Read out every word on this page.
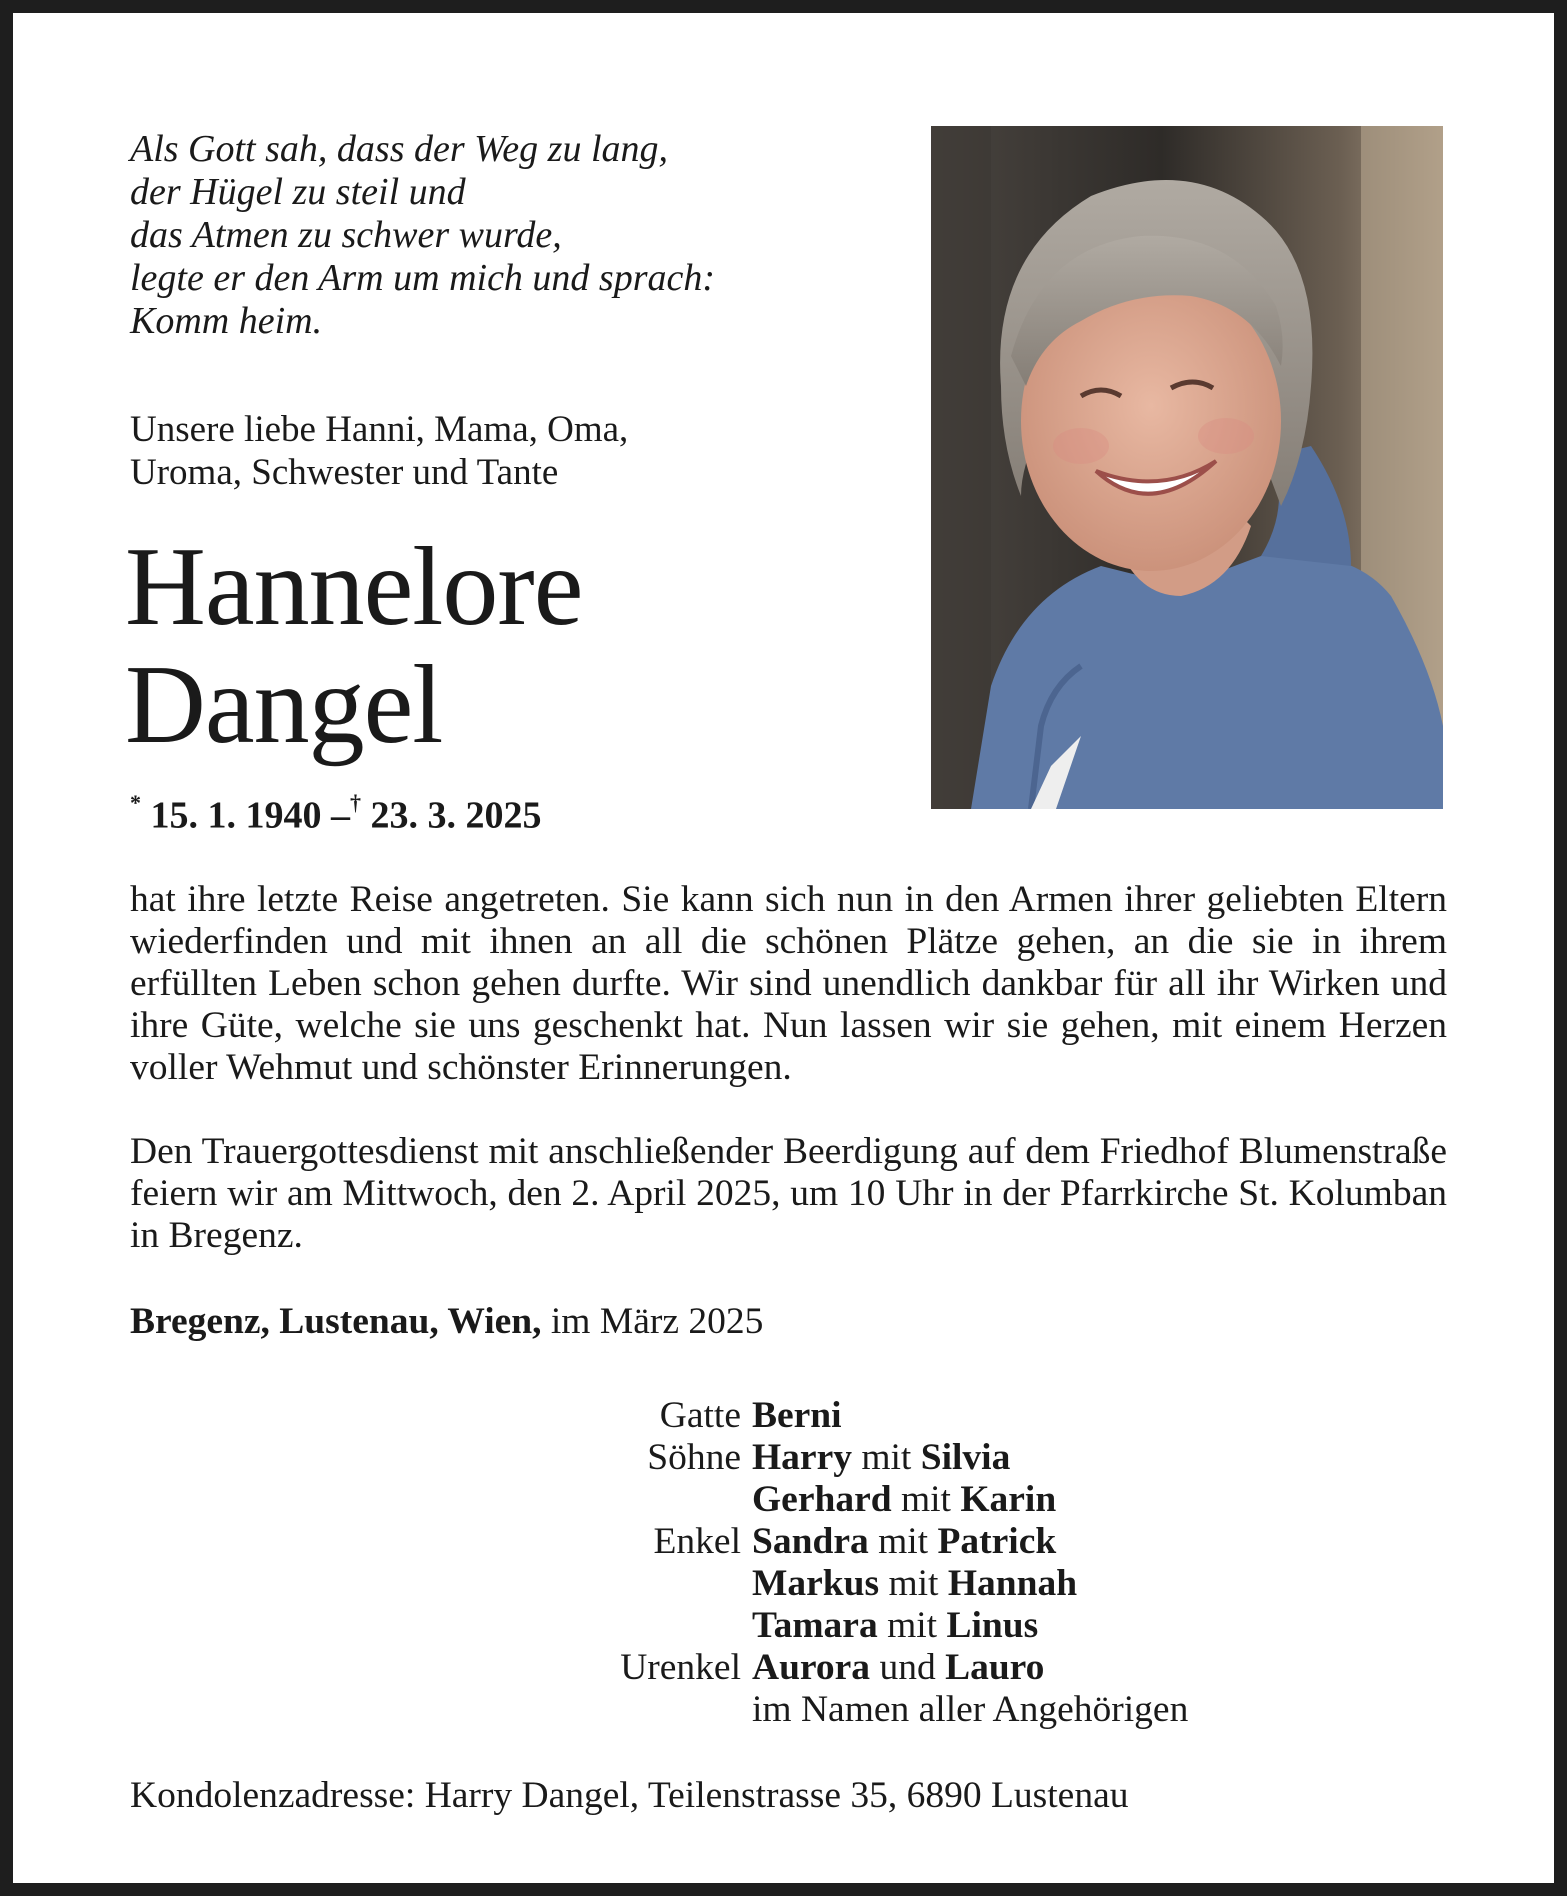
Als Gott sah, dass der Weg zu lang,
der Hügel zu steil und
das Atmen zu schwer wurde,
legte er den Arm um mich und sprach:
Komm heim.
Unsere liebe Hanni, Mama, Oma,
Uroma, Schwester und Tante
Hannelore
Dangel
* 15. 1. 1940 –† 23. 3. 2025

hat ihre letzte Reise angetreten. Sie kann sich nun in den Armen ihrer geliebten Eltern wiederfinden und mit ihnen an all die schönen Plätze gehen, an die sie in ihrem erfüllten Leben schon gehen durfte. Wir sind unendlich dankbar für all ihr Wirken und ihre Güte, welche sie uns geschenkt hat. Nun lassen wir sie gehen, mit einem Herzen voller Wehmut und schönster Erinnerungen.

Den Trauergottesdienst mit anschließender Beerdigung auf dem Friedhof Blumenstraße feiern wir am Mittwoch, den 2. April 2025, um 10 Uhr in der Pfarrkirche St. Kolumban in Bregenz.

Bregenz, Lustenau, Wien, im März 2025
Gatte Berni
Söhne Harry mit Silvia
Gerhard mit Karin
Enkel Sandra mit Patrick
Markus mit Hannah
Tamara mit Linus
Urenkel Aurora und Lauro
im Namen aller Angehörigen
Kondolenzadresse: Harry Dangel, Teilenstrasse 35, 6890 Lustenau
